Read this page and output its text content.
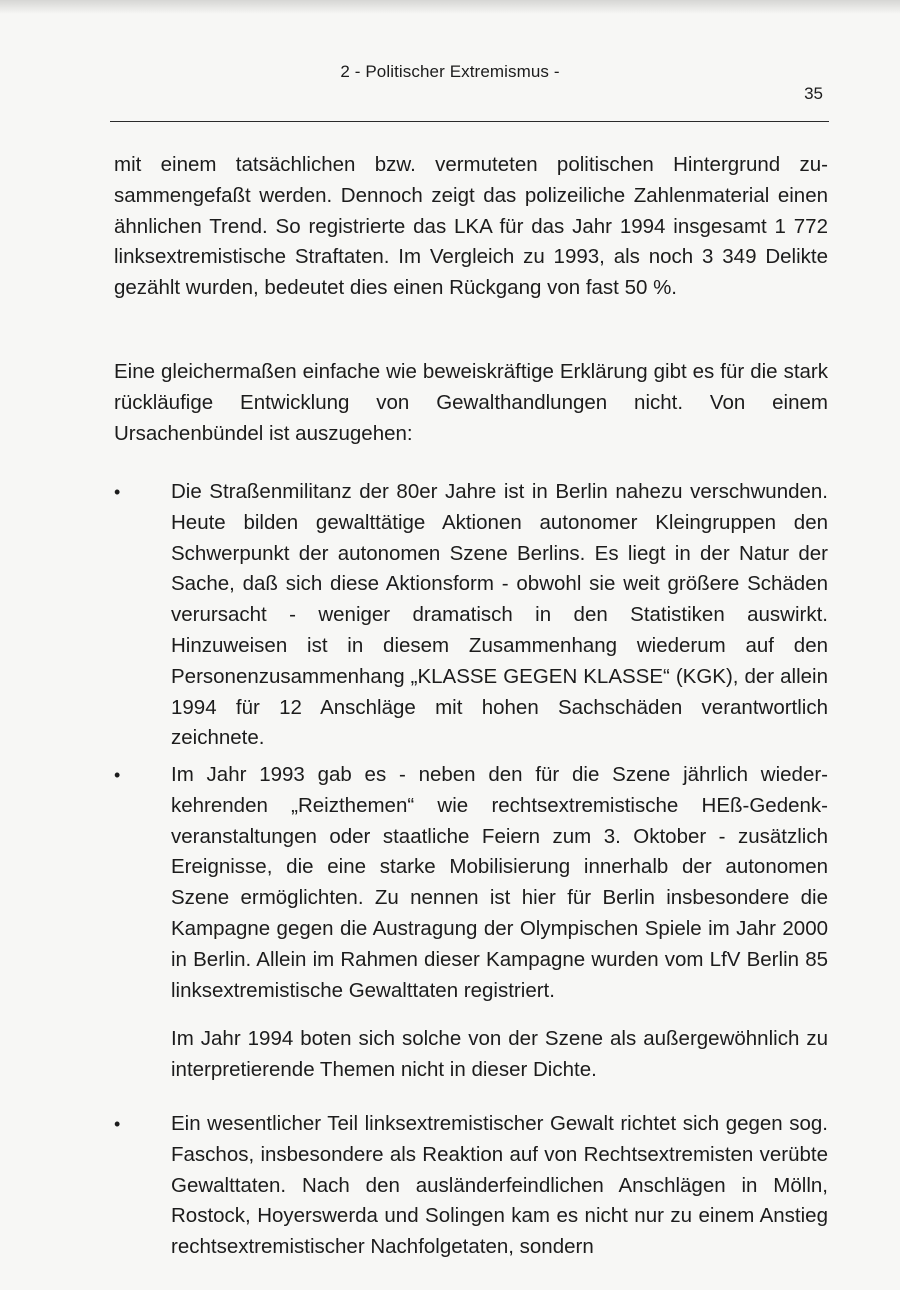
2 - Politischer Extremismus -
35

mit einem tatsächlichen bzw. vermuteten politischen Hintergrund zusammengefaßt werden. Dennoch zeigt das polizeiliche Zahlenmaterial einen ähnlichen Trend. So registrierte das LKA für das Jahr 1994 insgesamt 1 772 linksextremistische Straftaten. Im Vergleich zu 1993, als noch 3 349 Delikte gezählt wurden, bedeutet dies einen Rückgang von fast 50 %.

Eine gleichermaßen einfache wie beweiskräftige Erklärung gibt es für die stark rückläufige Entwicklung von Gewalthandlungen nicht. Von einem Ursachenbündel ist auszugehen:

• Die Straßenmilitanz der 80er Jahre ist in Berlin nahezu verschwunden. Heute bilden gewalttätige Aktionen autonomer Kleingruppen den Schwerpunkt der autonomen Szene Berlins. Es liegt in der Natur der Sache, daß sich diese Aktionsform - obwohl sie weit größere Schäden verursacht - weniger dramatisch in den Statistiken auswirkt. Hinzuweisen ist in diesem Zusammenhang wiederum auf den Personenzusammenhang „KLASSE GEGEN KLASSE“ (KGK), der allein 1994 für 12 Anschläge mit hohen Sachschäden verantwortlich zeichnete.

• Im Jahr 1993 gab es - neben den für die Szene jährlich wiederkehrenden „Reizthemen“ wie rechtsextremistische HEß-Gedenkveranstaltungen oder staatliche Feiern zum 3. Oktober - zusätzlich Ereignisse, die eine starke Mobilisierung innerhalb der autonomen Szene ermöglichten. Zu nennen ist hier für Berlin insbesondere die Kampagne gegen die Austragung der Olympischen Spiele im Jahr 2000 in Berlin. Allein im Rahmen dieser Kampagne wurden vom LfV Berlin 85 linksextremistische Gewalttaten registriert.

Im Jahr 1994 boten sich solche von der Szene als außergewöhnlich zu interpretierende Themen nicht in dieser Dichte.

• Ein wesentlicher Teil linksextremistischer Gewalt richtet sich gegen sog. Faschos, insbesondere als Reaktion auf von Rechtsextremisten verübte Gewalttaten. Nach den ausländerfeindlichen Anschlägen in Mölln, Rostock, Hoyerswerda und Solingen kam es nicht nur zu einem Anstieg rechtsextremistischer Nachfolgetaten, sondern
